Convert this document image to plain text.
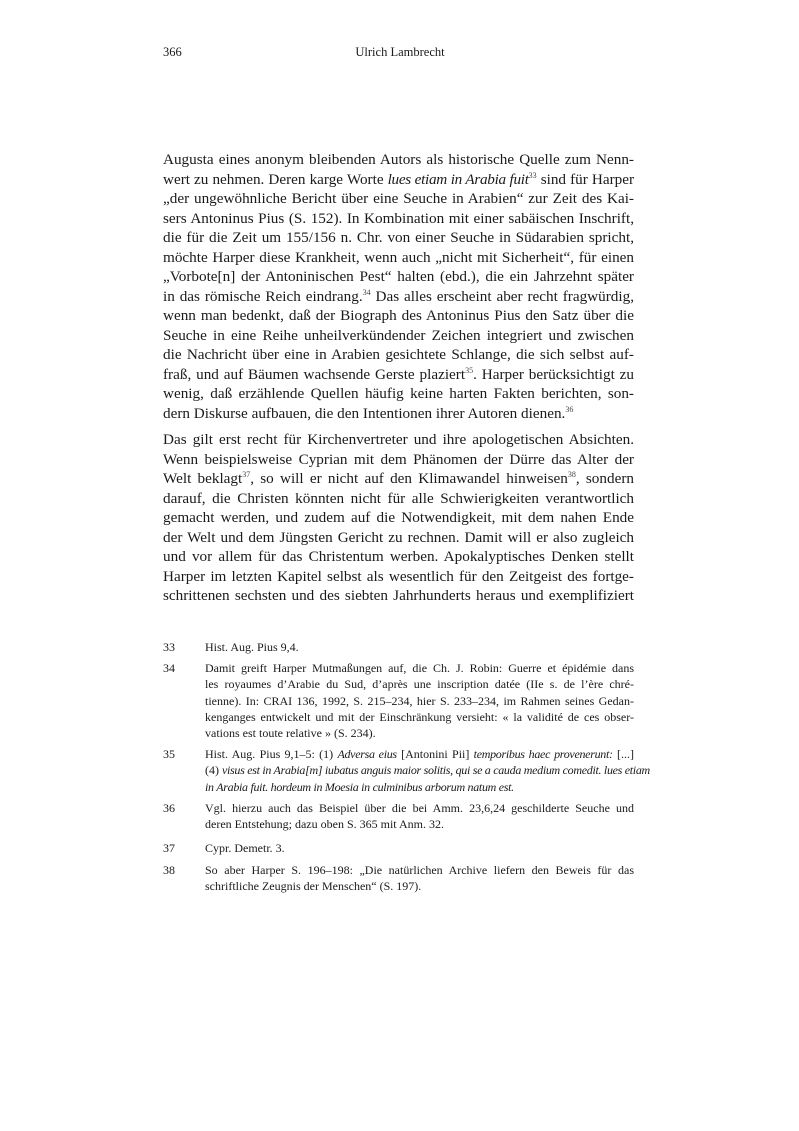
366	Ulrich Lambrecht
Augusta eines anonym bleibenden Autors als historische Quelle zum Nenn-
wert zu nehmen. Deren karge Worte lues etiam in Arabia fuit$^{33}$ sind für Harper
„der ungewöhnliche Bericht über eine Seuche in Arabien“ zur Zeit des Kai-
sers Antoninus Pius (S. 152). In Kombination mit einer sabäischen Inschrift,
die für die Zeit um 155/156 n. Chr. von einer Seuche in Südarabien spricht,
möchte Harper diese Krankheit, wenn auch „nicht mit Sicherheit“, für einen
„Vorbote[n] der Antoninischen Pest“ halten (ebd.), die ein Jahrzehnt später
in das römische Reich eindrang.$^{34}$ Das alles erscheint aber recht fragwürdig,
wenn man bedenkt, daß der Biograph des Antoninus Pius den Satz über die
Seuche in eine Reihe unheilverkündender Zeichen integriert und zwischen
die Nachricht über eine in Arabien gesichtete Schlange, die sich selbst auf-
fraß, und auf Bäumen wachsende Gerste plaziert$^{35}$. Harper berücksichtigt zu
wenig, daß erzählende Quellen häufig keine harten Fakten berichten, son-
dern Diskurse aufbauen, die den Intentionen ihrer Autoren dienen.$^{36}$
Das gilt erst recht für Kirchenvertreter und ihre apologetischen Absichten.
Wenn beispielsweise Cyprian mit dem Phänomen der Dürre das Alter der
Welt beklagt$^{37}$, so will er nicht auf den Klimawandel hinweisen$^{38}$, sondern
darauf, die Christen könnten nicht für alle Schwierigkeiten verantwortlich
gemacht werden, und zudem auf die Notwendigkeit, mit dem nahen Ende
der Welt und dem Jüngsten Gericht zu rechnen. Damit will er also zugleich
und vor allem für das Christentum werben. Apokalyptisches Denken stellt
Harper im letzten Kapitel selbst als wesentlich für den Zeitgeist des fortge-
schrittenen sechsten und des siebten Jahrhunderts heraus und exemplifiziert
33	Hist. Aug. Pius 9,4.
34	Damit greift Harper Mutmaßungen auf, die Ch. J. Robin: Guerre et épidémie dans
les royaumes d’Arabie du Sud, d’après une inscription datée (IIe s. de l’ère chré-
tienne). In: CRAI 136, 1992, S. 215–234, hier S. 233–234, im Rahmen seines Gedan-
kenganges entwickelt und mit der Einschränkung versieht: « la validité de ces obser-
vations est toute relative » (S. 234).
35	Hist. Aug. Pius 9,1–5: (1) Adversa eius [Antonini Pii] temporibus haec provenerunt: [...]
(4) visus est in Arabia[m] iubatus anguis maior solitis, qui se a cauda medium comedit. lues etiam
in Arabia fuit. hordeum in Moesia in culminibus arborum natum est.
36	Vgl. hierzu auch das Beispiel über die bei Amm. 23,6,24 geschilderte Seuche und
deren Entstehung; dazu oben S. 365 mit Anm. 32.
37	Cypr. Demetr. 3.
38	So aber Harper S. 196–198: „Die natürlichen Archive liefern den Beweis für das
schriftliche Zeugnis der Menschen“ (S. 197).
